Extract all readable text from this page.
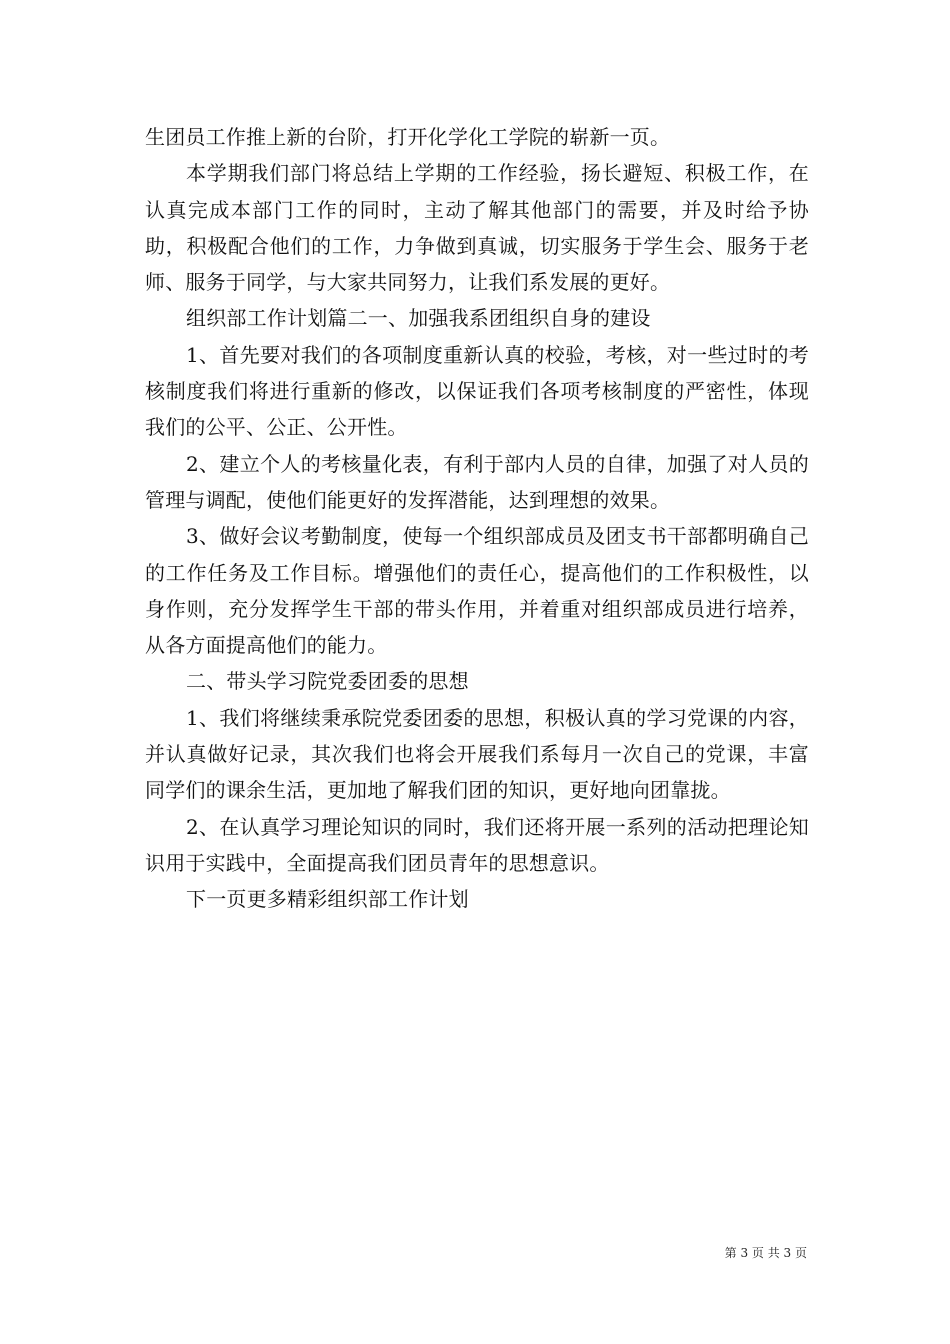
生团员工作推上新的台阶，打开化学化工学院的崭新一页。

本学期我们部门将总结上学期的工作经验，扬长避短、积极工作，在认真完成本部门工作的同时，主动了解其他部门的需要，并及时给予协助，积极配合他们的工作，力争做到真诚，切实服务于学生会、服务于老师、服务于同学，与大家共同努力，让我们系发展的更好。

组织部工作计划篇二一、加强我系团组织自身的建设

1、首先要对我们的各项制度重新认真的校验，考核，对一些过时的考核制度我们将进行重新的修改，以保证我们各项考核制度的严密性，体现我们的公平、公正、公开性。

2、建立个人的考核量化表，有利于部内人员的自律，加强了对人员的管理与调配，使他们能更好的发挥潜能，达到理想的效果。

3、做好会议考勤制度，使每一个组织部成员及团支书干部都明确自己的工作任务及工作目标。增强他们的责任心，提高他们的工作积极性，以身作则，充分发挥学生干部的带头作用，并着重对组织部成员进行培养，从各方面提高他们的能力。

二、带头学习院党委团委的思想

1、我们将继续秉承院党委团委的思想，积极认真的学习党课的内容，并认真做好记录，其次我们也将会开展我们系每月一次自己的党课，丰富同学们的课余生活，更加地了解我们团的知识，更好地向团靠拢。

2、在认真学习理论知识的同时，我们还将开展一系列的活动把理论知识用于实践中，全面提高我们团员青年的思想意识。

下一页更多精彩组织部工作计划

第 3 页 共 3 页
